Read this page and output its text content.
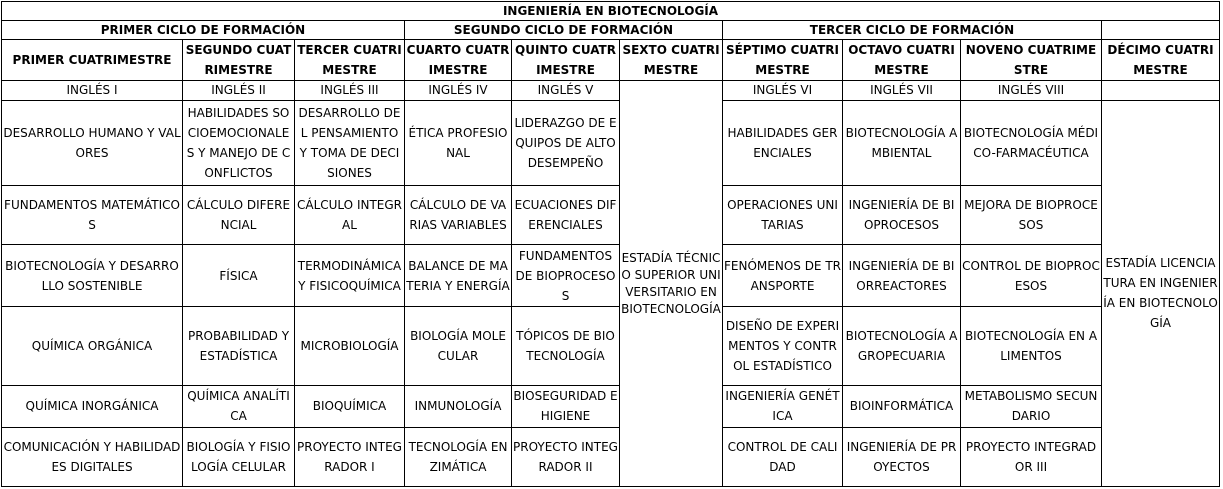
INGENIERÍA EN BIOTECNOLOGÍA										
PRIMER CICLO DE FORMACIÓN			SEGUNDO CICLO DE FORMACIÓN			TERCER CICLO DE FORMACIÓN				
PRIMER CUATRIMESTRE	SEGUNDO CUATRIMESTRE	TERCER CUATRIMESTRE	CUARTO CUATRIMESTRE	QUINTO CUATRIMESTRE	SEXTO CUATRIMESTRE	SÉPTIMO CUATRIMESTRE	OCTAVO CUATRIMESTRE	NOVENO CUATRIMESTRE	DÉCIMO CUATRIMESTRE	
INGLÉS I	INGLÉS II	INGLÉS III	INGLÉS IV	INGLÉS V	ESTADÍA TÉCNICO SUPERIOR UNIVERSITARIO EN BIOTECNOLOGÍA	INGLÉS VI	INGLÉS VII	INGLÉS VIII		
DESARROLLO HUMANO Y VALORES	HABILIDADES SOCIOEMOCIONALES Y MANEJO DE CONFLICTOS	DESARROLLO DEL PENSAMIENTO Y TOMA DE DECISIONES	ÉTICA PROFESIONAL	LIDERAZGO DE EQUIPOS DE ALTO DESEMPEÑO		HABILIDADES GERENCIALES	BIOTECNOLOGÍA AMBIENTAL	BIOTECNOLOGÍA MÉDICO-FARMACÉUTICA	ESTADÍA LICENCIATURA EN INGENIERÍA EN BIOTECNOLOGÍA	
FUNDAMENTOS MATEMÁTICOS	CÁLCULO DIFERENCIAL	CÁLCULO INTEGRAL	CÁLCULO DE VARIAS VARIABLES	ECUACIONES DIFERENCIALES		OPERACIONES UNITARIAS	INGENIERÍA DE BIOPROCESOS	MEJORA DE BIOPROCESOS		
BIOTECNOLOGÍA Y DESARROLLO SOSTENIBLE	FÍSICA	TERMODINÁMICA Y FISICOQUÍMICA	BALANCE DE MATERIA Y ENERGÍA	FUNDAMENTOS DE BIOPROCESOS		FENÓMENOS DE TRANSPORTE	INGENIERÍA DE BIORREACTORES	CONTROL DE BIOPROCESOS		
QUÍMICA ORGÁNICA	PROBABILIDAD Y ESTADÍSTICA	MICROBIOLOGÍA	BIOLOGÍA MOLECULAR	TÓPICOS DE BIOTECNOLOGÍA		DISEÑO DE EXPERIMENTOS Y CONTROL ESTADÍSTICO	BIOTECNOLOGÍA AGROPECUARIA	BIOTECNOLOGÍA EN ALIMENTOS		
QUÍMICA INORGÁNICA	QUÍMICA ANALÍTICA	BIOQUÍMICA	INMUNOLOGÍA	BIOSEGURIDAD E HIGIENE		INGENIERÍA GENÉTICA	BIOINFORMÁTICA	METABOLISMO SECUNDARIO		
COMUNICACIÓN Y HABILIDADES DIGITALES	BIOLOGÍA Y FISIOLOGÍA CELULAR	PROYECTO INTEGRADOR I	TECNOLOGÍA ENZIMÁTICA	PROYECTO INTEGRADOR II		CONTROL DE CALIDAD	INGENIERÍA DE PROYECTOS	PROYECTO INTEGRADOR III		
